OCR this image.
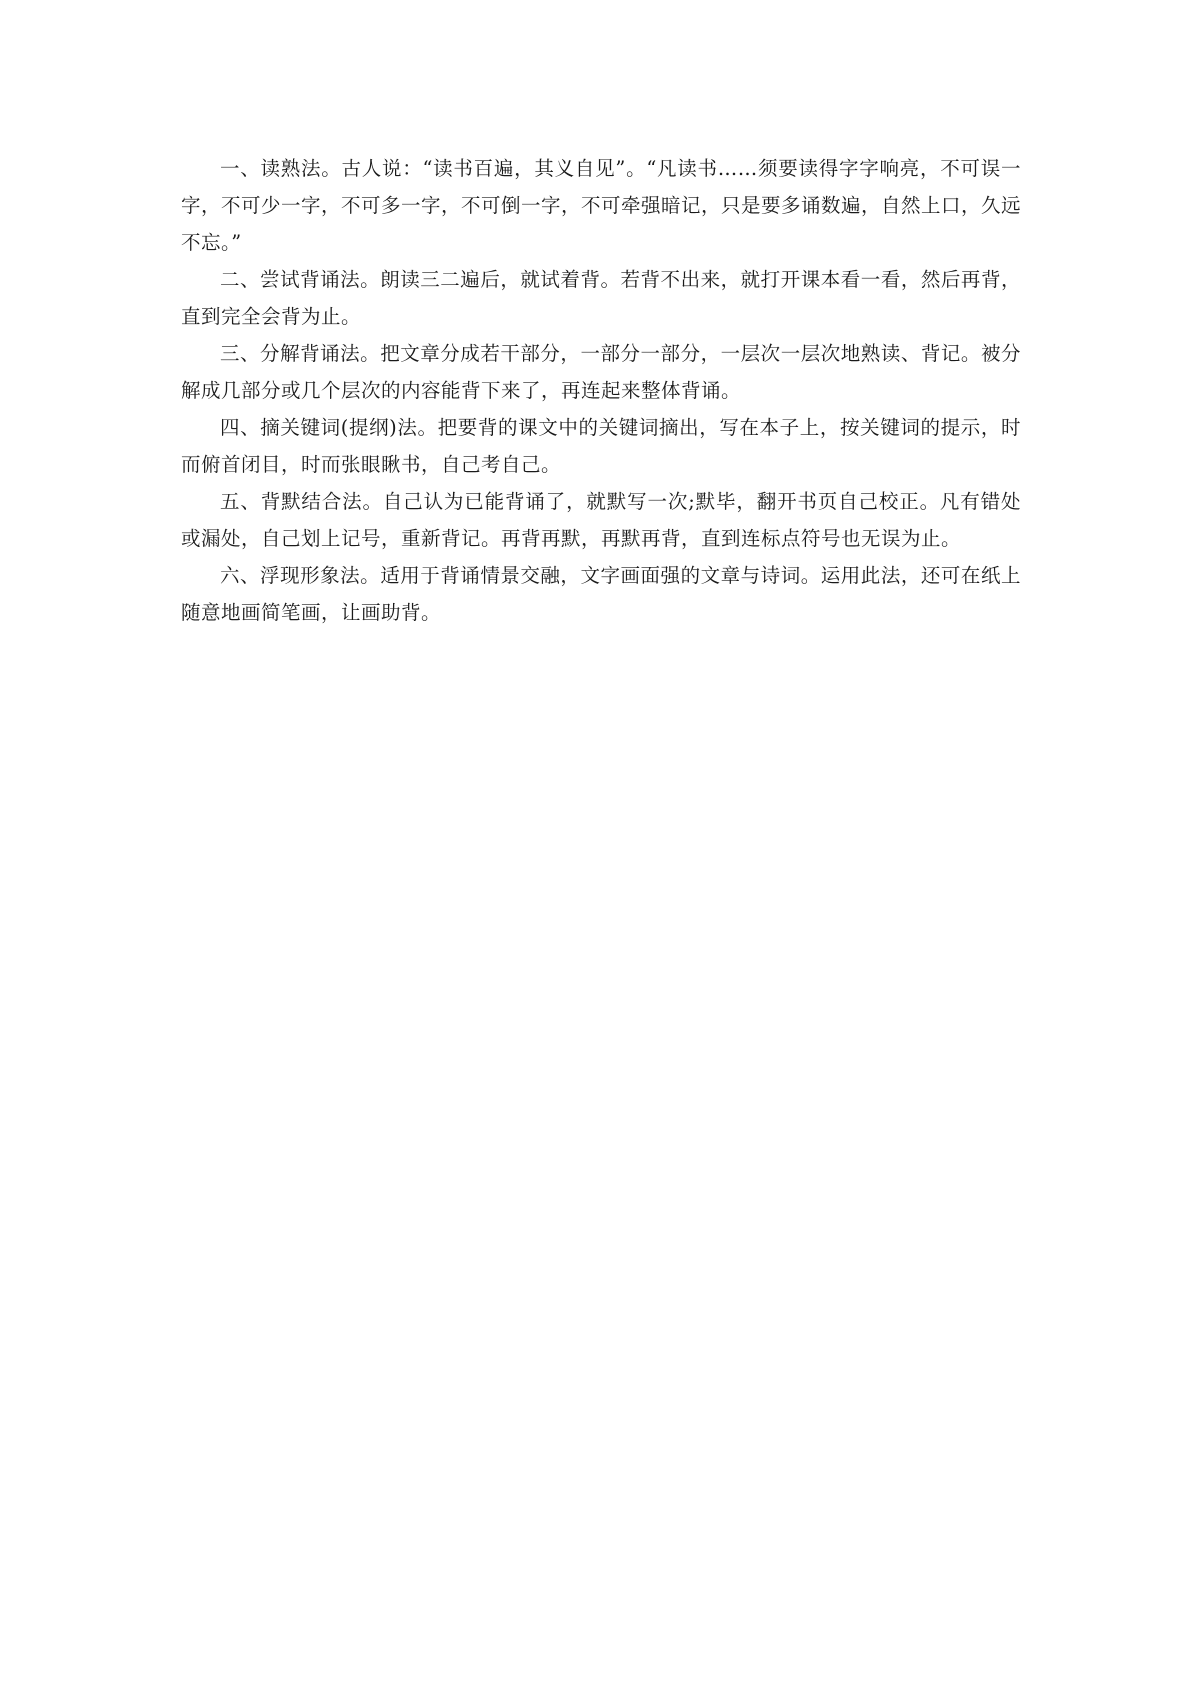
一、读熟法。古人说：“读书百遍，其义自见”。“凡读书……须要读得字字响亮，不可误一字，不可少一字，不可多一字，不可倒一字，不可牵强暗记，只是要多诵数遍，自然上口，久远不忘。”

二、尝试背诵法。朗读三二遍后，就试着背。若背不出来，就打开课本看一看，然后再背，直到完全会背为止。

三、分解背诵法。把文章分成若干部分，一部分一部分，一层次一层次地熟读、背记。被分解成几部分或几个层次的内容能背下来了，再连起来整体背诵。

四、摘关键词(提纲)法。把要背的课文中的关键词摘出，写在本子上，按关键词的提示，时而俯首闭目，时而张眼瞅书，自己考自己。

五、背默结合法。自己认为已能背诵了，就默写一次;默毕，翻开书页自己校正。凡有错处或漏处，自己划上记号，重新背记。再背再默，再默再背，直到连标点符号也无误为止。

六、浮现形象法。适用于背诵情景交融，文字画面强的文章与诗词。运用此法，还可在纸上随意地画简笔画，让画助背。
